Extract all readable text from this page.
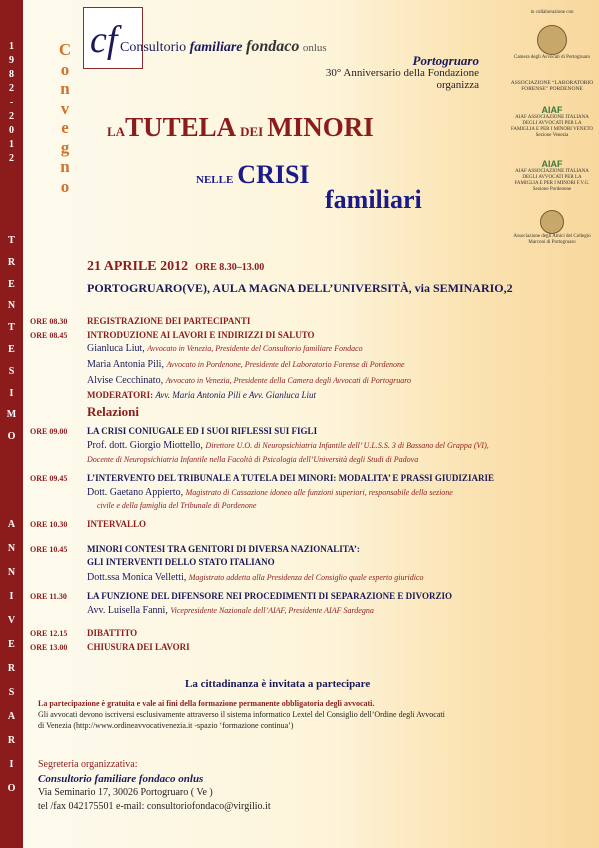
1
9
8
2
-
2
0
1
2
T
R
E
N
T
E
S
I
M
O
A
N
N
I
V
E
R
S
A
R
I
O
C
o
n
v
e
g
n
o
cf Consultorio familiare fondaco onlus
Portogruaro
30° Anniversario della Fondazione
organizza
LATUTELA DEI MINORI
NELLE CRISI
familiari
in collaborazione con
Camera degli Avvocati di Portogruaro
ASSOCIAZIONE “LABORATORIO FORENSE” PORDENONE
AIAF
AIAF ASSOCIAZIONE ITALIANA DEGLI AVVOCATI PER LA FAMIGLIA E PER I MINORI VENETO Sezione Venezia
AIAF
AIAF ASSOCIAZIONE ITALIANA DEGLI AVVOCATI PER LA FAMIGLIA E PER I MINORI F.V.G. Sezione Pordenone
Associazione degli Amici del Collegio Marconi di Portogruaro
21 APRILE 2012 ORE 8.30–13.00
PORTOGRUARO(VE), AULA MAGNA DELL’UNIVERSITÀ, via SEMINARIO,2
ORE 08.30 REGISTRAZIONE DEI PARTECIPANTI
ORE 08.45 INTRODUZIONE AI LAVORI E INDIRIZZI DI SALUTO
Gianluca Liut, Avvocato in Venezia, Presidente del Consultorio familiare Fondaco
Maria Antonia Pili, Avvocato in Pordenone, Presidente del Laboratorio Forense di Pordenone
Alvise Cecchinato, Avvocato in Venezia, Presidente della Camera degli Avvocati di Portogruaro
MODERATORI: Avv. Maria Antonia Pili e Avv. Gianluca Liut
Relazioni
ORE 09.00 LA CRISI CONIUGALE ED I SUOI RIFLESSI SUI FIGLI
Prof. dott. Giorgio Miottello, Direttore U.O. di Neuropsichiatria Infantile dell’ U.L.S.S. 3 di Bassano del Grappa (VI),
Docente di Neuropsichiatria Infantile nella Facoltà di Psicologia dell’Università degli Studi di Padova
ORE 09.45 L’INTERVENTO DEL TRIBUNALE A TUTELA DEI MINORI: MODALITA’ E PRASSI GIUDIZIARIE
Dott. Gaetano Appierto, Magistrato di Cassazione idoneo alle funzioni superiori, responsabile della sezione
civile e della famiglia del Tribunale di Pordenone
ORE 10.30 INTERVALLO
ORE 10.45 MINORI CONTESI TRA GENITORI DI DIVERSA NAZIONALITA’:
GLI INTERVENTI DELLO STATO ITALIANO
Dott.ssa Monica Velletti, Magistrato addetta alla Presidenza del Consiglio quale esperto giuridico
ORE 11.30 LA FUNZIONE DEL DIFENSORE NEI PROCEDIMENTI DI SEPARAZIONE E DIVORZIO
Avv. Luisella Fanni, Vicepresidente Nazionale dell’AIAF, Presidente AIAF Sardegna
ORE 12.15 DIBATTITO
ORE 13.00 CHIUSURA DEI LAVORI
La cittadinanza è invitata a partecipare
La partecipazione è gratuita e vale ai fini della formazione permanente obbligatoria degli avvocati.
Gli avvocati devono iscriversi esclusivamente attraverso il sistema informatico Lextel del Consiglio dell’Ordine degli Avvocati
di Venezia (http://www.ordineavvocativenezia.it -spazio ‘formazione continua’)
Segreteria organizzativa:
Consultorio familiare fondaco onlus
Via Seminario 17, 30026 Portogruaro ( Ve )
tel /fax 042175501 e-mail: consultoriofondaco@virgilio.it
